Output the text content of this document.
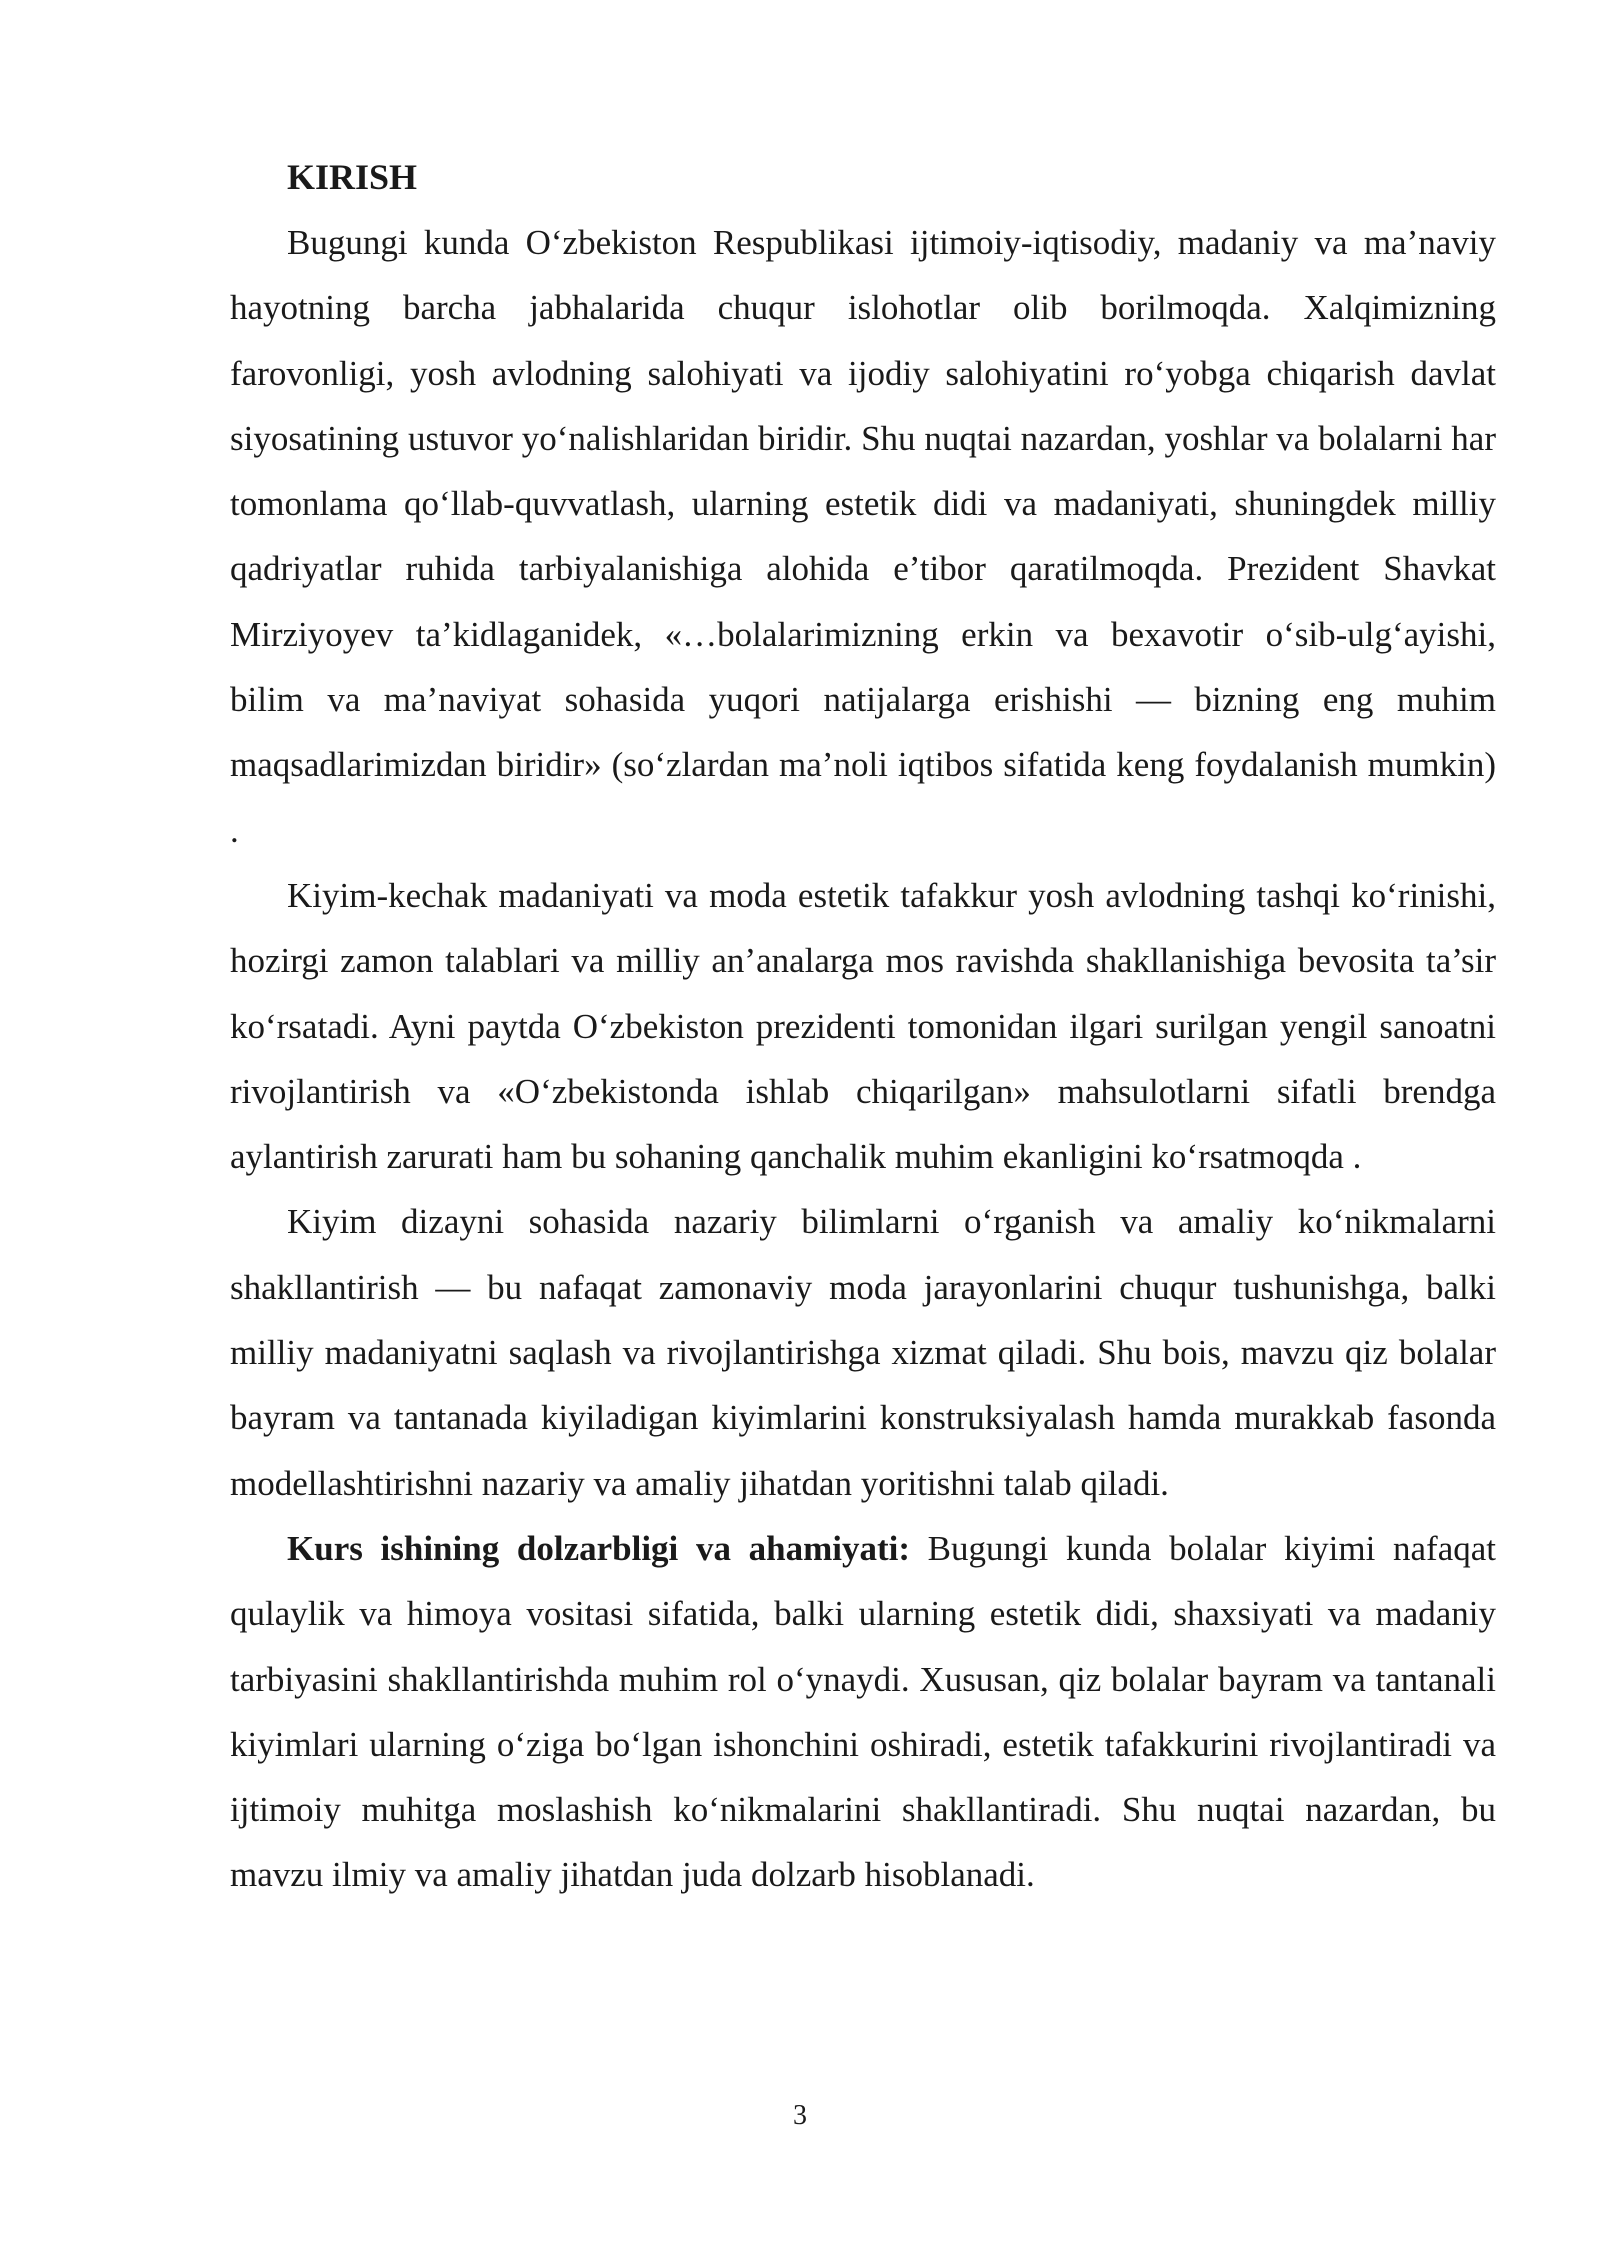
KIRISH

Bugungi kunda O‘zbekiston Respublikasi ijtimoiy-iqtisodiy, madaniy va ma’naviy hayotning barcha jabhalarida chuqur islohotlar olib borilmoqda. Xalqimizning farovonligi, yosh avlodning salohiyati va ijodiy salohiyatini ro‘yobga chiqarish davlat siyosatining ustuvor yo‘nalishlaridan biridir. Shu nuqtai nazardan, yoshlar va bolalarni har tomonlama qo‘llab-quvvatlash, ularning estetik didi va madaniyati, shuningdek milliy qadriyatlar ruhida tarbiyalanishiga alohida e’tibor qaratilmoqda. Prezident Shavkat Mirziyoyev ta’kidlaganidek, «…bolalarimizning erkin va bexavotir o‘sib-ulg‘ayishi, bilim va ma’naviyat sohasida yuqori natijalarga erishishi — bizning eng muhim maqsadlarimizdan biridir» (so‘zlardan ma’noli iqtibos sifatida keng foydalanish mumkin) .

Kiyim-kechak madaniyati va moda estetik tafakkur yosh avlodning tashqi ko‘rinishi, hozirgi zamon talablari va milliy an’analarga mos ravishda shakllanishiga bevosita ta’sir ko‘rsatadi. Ayni paytda O‘zbekiston prezidenti tomonidan ilgari surilgan yengil sanoatni rivojlantirish va «O‘zbekistonda ishlab chiqarilgan» mahsulotlarni sifatli brendga aylantirish zarurati ham bu sohaning qanchalik muhim ekanligini ko‘rsatmoqda .

Kiyim dizayni sohasida nazariy bilimlarni o‘rganish va amaliy ko‘nikmalarni shakllantirish — bu nafaqat zamonaviy moda jarayonlarini chuqur tushunishga, balki milliy madaniyatni saqlash va rivojlantirishga xizmat qiladi. Shu bois, mavzu qiz bolalar bayram va tantanada kiyiladigan kiyimlarini konstruksiyalash hamda murakkab fasonda modellashtirishni nazariy va amaliy jihatdan yoritishni talab qiladi.

Kurs ishining dolzarbligi va ahamiyati: Bugungi kunda bolalar kiyimi nafaqat qulaylik va himoya vositasi sifatida, balki ularning estetik didi, shaxsiyati va madaniy tarbiyasini shakllantirishda muhim rol o‘ynaydi. Xususan, qiz bolalar bayram va tantanali kiyimlari ularning o‘ziga bo‘lgan ishonchini oshiradi, estetik tafakkurini rivojlantiradi va ijtimoiy muhitga moslashish ko‘nikmalarini shakllantiradi. Shu nuqtai nazardan, bu mavzu ilmiy va amaliy jihatdan juda dolzarb hisoblanadi.

3
